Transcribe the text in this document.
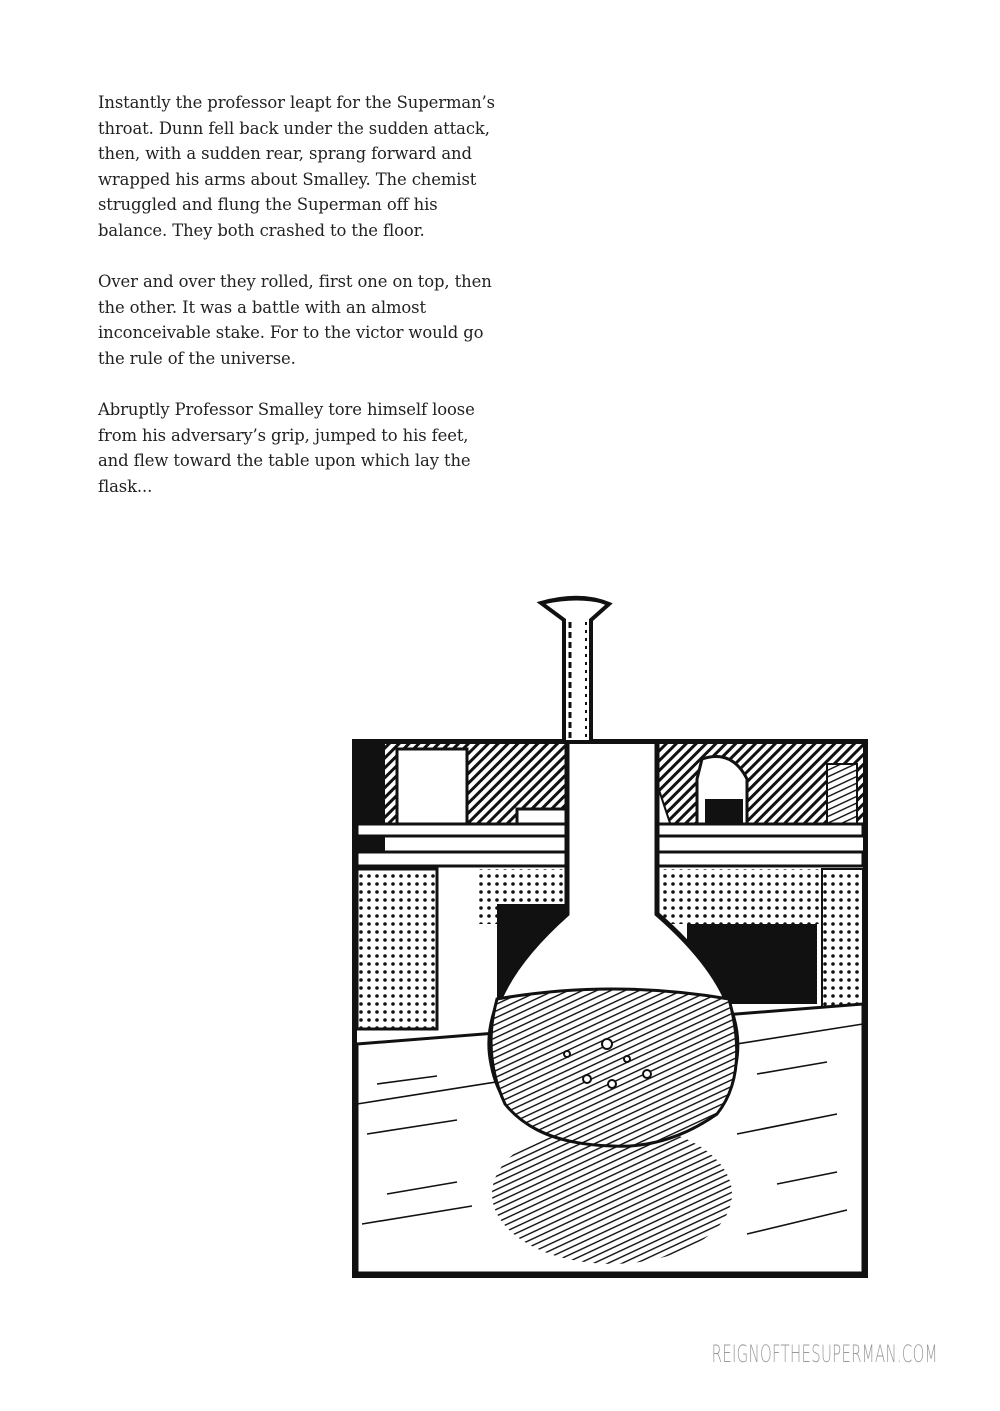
Instantly the professor leapt for the Superman’s throat. Dunn fell back under the sudden attack, then, with a sudden rear, sprang forward and wrapped his arms about Smalley. The chemist struggled and flung the Superman off his balance. They both crashed to the floor.

Over and over they rolled, first one on top, then the other. It was a battle with an almost inconceivable stake. For to the victor would go the rule of the universe.

Abruptly Professor Smalley tore himself loose from his adversary’s grip, jumped to his feet, and flew toward the table upon which lay the flask...

REIGNOFTHESUPERMAN.COM
